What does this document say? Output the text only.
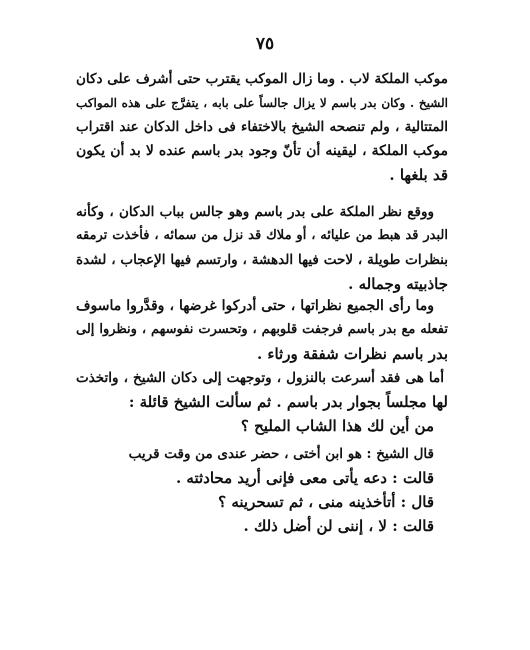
٧٥
موكب الملكة لاب . وما زال الموكب يقترب حتى أشرف على دكان
الشيخ . وكان بدر باسم لا يزال جالساً على بابه ، يتفرَّج على هذه المواكب
المتتالية ، ولم تنصحه الشيخ بالاختفاء فى داخل الدكان عند اقتراب
موكب الملكة ، ليقينه أن تأنّ وجود بدر باسم عنده لا بد أن يكون
قد بلغها .
ووقع نظر الملكة على بدر باسم وهو جالس بباب الدكان ، وكأنه
البدر قد هبط من عليائه ، أو ملاك قد نزل من سمائه ، فأخذت ترمقه
بنظرات طويلة ، لاحت فيها الدهشة ، وارتسم فيها الإعجاب ، لشدة
جاذبيته وجماله .
وما رأى الجميع نظراتها ، حتى أدركوا غرضها ، وقدَّروا ماسوف
تفعله مع بدر باسم فرجفت قلوبهم ، وتحسرت نفوسهم ، ونظروا إلى
بدر باسم نظرات شفقة ورثاء .
أما هى فقد أسرعت بالنزول ، وتوجهت إلى دكان الشيخ ، واتخذت
لها مجلساً بجوار بدر باسم . ثم سألت الشيخ قائلة :
من أين لك هذا الشاب المليح ؟
قال الشيخ : هو ابن أختى ، حضر عندى من وقت قريب
قالت : دعه يأتى معى فإنى أريد محادثته .
قال : أتأخذينه منى ، ثم تسحرينه ؟
قالت : لا ، إننى لن أضل ذلك .
